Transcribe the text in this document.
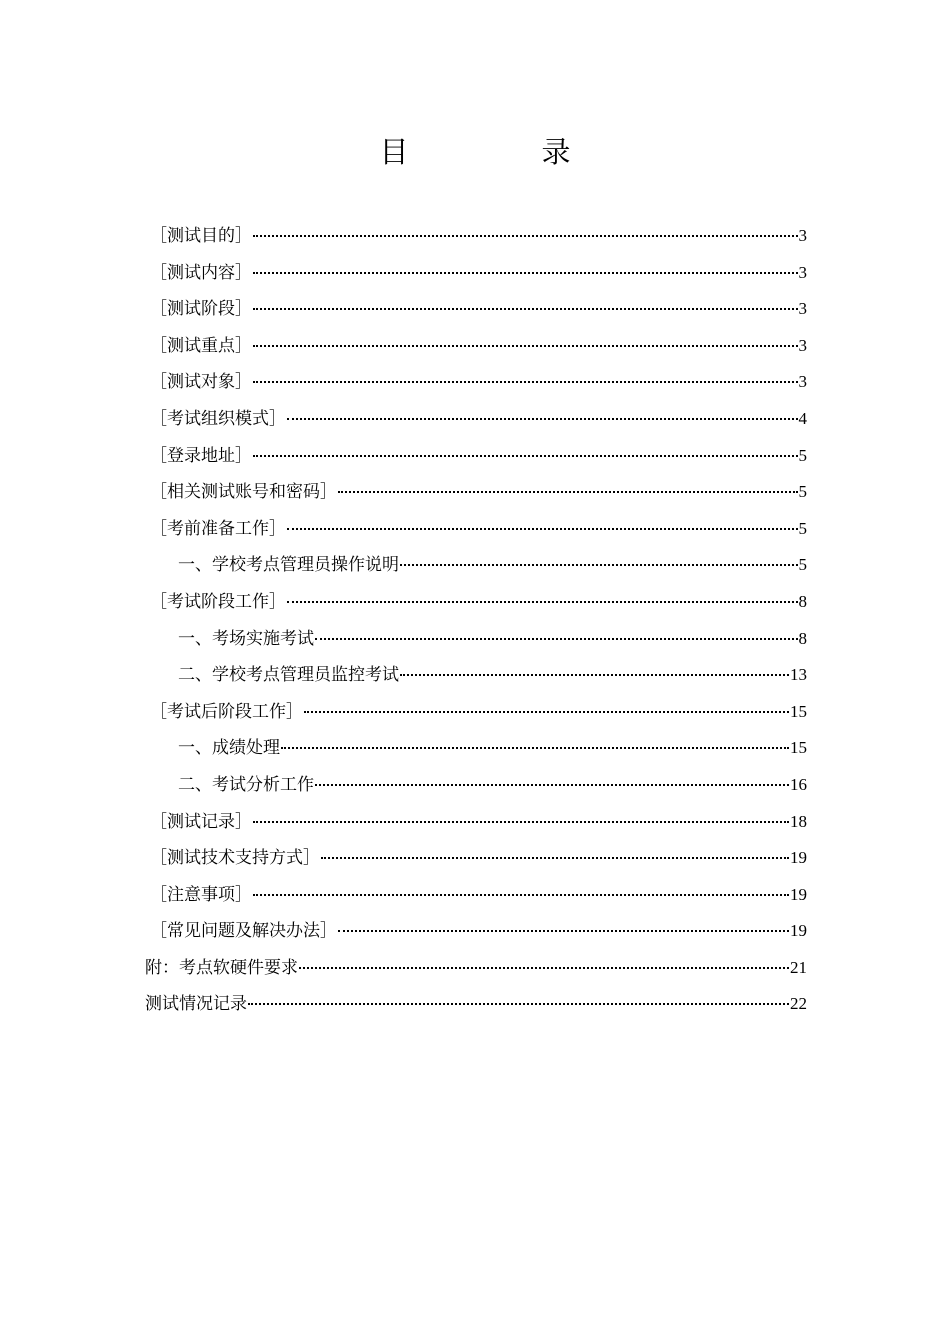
目　录
［测试目的］	3
［测试内容］	3
［测试阶段］	3
［测试重点］	3
［测试对象］	3
［考试组织模式］	4
［登录地址］	5
［相关测试账号和密码］	5
［考前准备工作］	5
一、学校考点管理员操作说明	5
［考试阶段工作］	8
一、考场实施考试	8
二、学校考点管理员监控考试	13
［考试后阶段工作］	15
一、成绩处理	15
二、考试分析工作	16
［测试记录］	18
［测试技术支持方式］	19
［注意事项］	19
［常见问题及解决办法］	19
附：考点软硬件要求	21
测试情况记录	22
